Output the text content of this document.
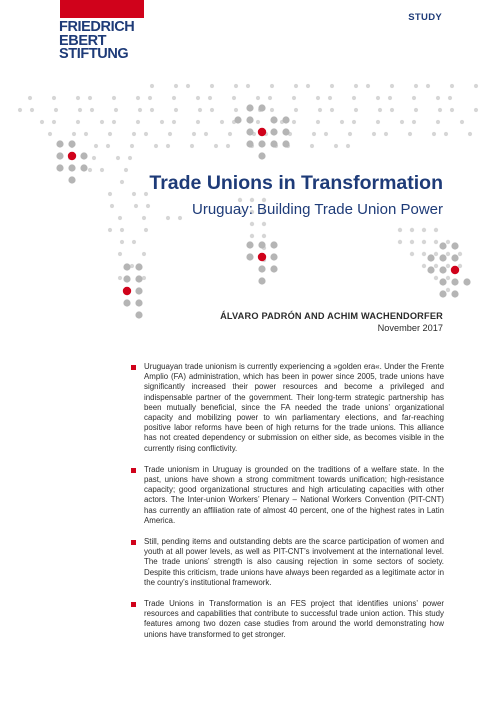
FRIEDRICH
EBERT
STIFTUNG
STUDY
Trade Unions in Transformation
Uruguay: Building Trade Union Power
ÁLVARO PADRÓN AND ACHIM WACHENDORFER
November 2017

Uruguayan trade unionism is currently experiencing a »golden era«. Under the Frente Amplio (FA) administration, which has been in power since 2005, trade unions have significantly increased their power resources and become a privileged and indispensable partner of the government. Their long-term strategic partnership has been mutually beneficial, since the FA needed the trade unions’ organizational capacity and mobilizing power to win parliamentary elections, and far-reaching positive labor reforms have been of high returns for the trade unions. This alliance has not created dependency or submission on either side, as becomes visible in the currently rising conflictivity.

Trade unionism in Uruguay is grounded on the traditions of a welfare state. In the past, unions have shown a strong commitment towards unification; high-resistance capacity; good organizational structures and high articulating capacities with other actors. The Inter-union Workers’ Plenary – National Workers Convention (PIT-CNT) has currently an affiliation rate of almost 40 percent, one of the highest rates in Latin America.

Still, pending items and outstanding debts are the scarce participation of women and youth at all power levels, as well as PIT-CNT’s involvement at the international level. The trade unions’ strength is also causing rejection in some sectors of society. Despite this criticism, trade unions have always been regarded as a legitimate actor in the country’s institutional framework.

Trade Unions in Transformation is an FES project that identifies unions’ power resources and capabilities that contribute to successful trade union action. This study features among two dozen case studies from around the world demonstrating how unions have transformed to get stronger.
